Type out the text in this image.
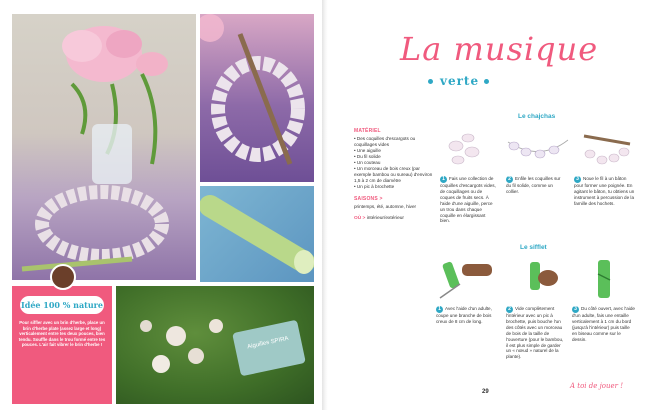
Aiguilles SPIRA
Idée 100 % nature
Pour siffler avec un brin d'herbe, place un brin d'herbe plate (assez large et long) verticalement entre tes deux pouces, bien tendu. Souffle dans le trou formé entre tes pouces. L'air fait vibrer le brin d'herbe !
La musique
verte
MATÉRIEL
• Des coquilles d'escargots ou coquillages vides
• Une aiguille
• Du fil solide
• Un couteau
• Un morceau de bois creux (par exemple bambou ou sureau) d'environ 1,5 à 2 cm de diamètre
• Un pic à brochette
SAISONS >
printemps, été, automne, hiver
OÙ > intérieur/extérieur
Le chajchas
1 Fais une collection de coquilles d'escargots vides, de coquillages ou de coques de fruits secs. À l'aide d'une aiguille, perce un trou dans chaque coquille en élargissant bien.
2 Enfile les coquilles sur du fil solide, comme un collier.
3 Noue le fil à un bâton pour former une poignée. En agitant le bâton, tu obtiens un instrument à percussion de la famille des hochets.
Le sifflet
1 Avec l'aide d'un adulte, coupe une branche de bois creux de 8 cm de long.
2 Vide complètement l'intérieur avec un pic à brochette, puis bouche l'un des côtés avec un morceau de bois de la taille de l'ouverture (pour le bambou, il est plus simple de garder un « nœud » naturel de la plante).
3 Du côté ouvert, avec l'aide d'un adulte, fais une entaille verticalement à 1 cm du bord (jusqu'à l'intérieur) puis taille en biseau comme sur le dessin.
29
A toi de jouer !
